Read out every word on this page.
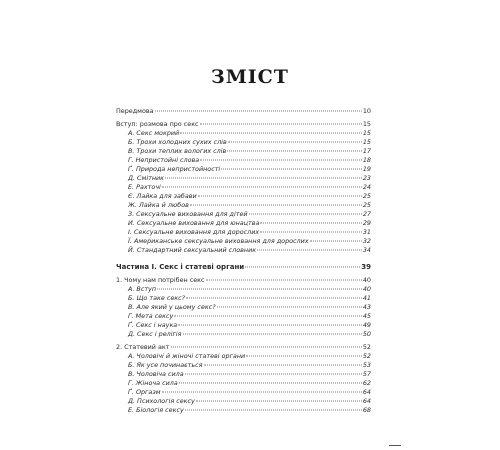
ЗМІСТ
Передмова	10
Вступ: розмова про секс	15
А. Секс мокрий	15
Б. Трохи холодних сухих слів	15
В. Трохи теплих вологих слів	17
Г. Непристойні слова	18
Ґ. Природа непристойності	19
Д. Смітник	23
Е. Рахточі	24
Є. Лайка для забави	25
Ж. Лайка й любов	25
З. Сексуальне виховання для дітей	27
И. Сексуальне виховання для юнацтва	29
І. Сексуальне виховання для дорослих	31
Ї. Американське сексуальне виховання для дорослих	32
Й. Стандартний сексуальний словник	34
Частина І. Секс і статеві органи	39
1. Чому нам потрібен секс	40
А. Вступ	40
Б. Що таке секс?	41
В. Але який у цьому секс?	43
Г. Мета сексу	45
Ґ. Секс і наука	49
Д. Секс і релігія	50
2. Статевий акт	52
А. Чоловічі й жіночі статеві органи	52
Б. Як усе починається	53
В. Чоловіча сила	57
Г. Жіноча сила	62
Ґ. Оргазм	64
Д. Психологія сексу	64
Е. Біологія сексу	68
